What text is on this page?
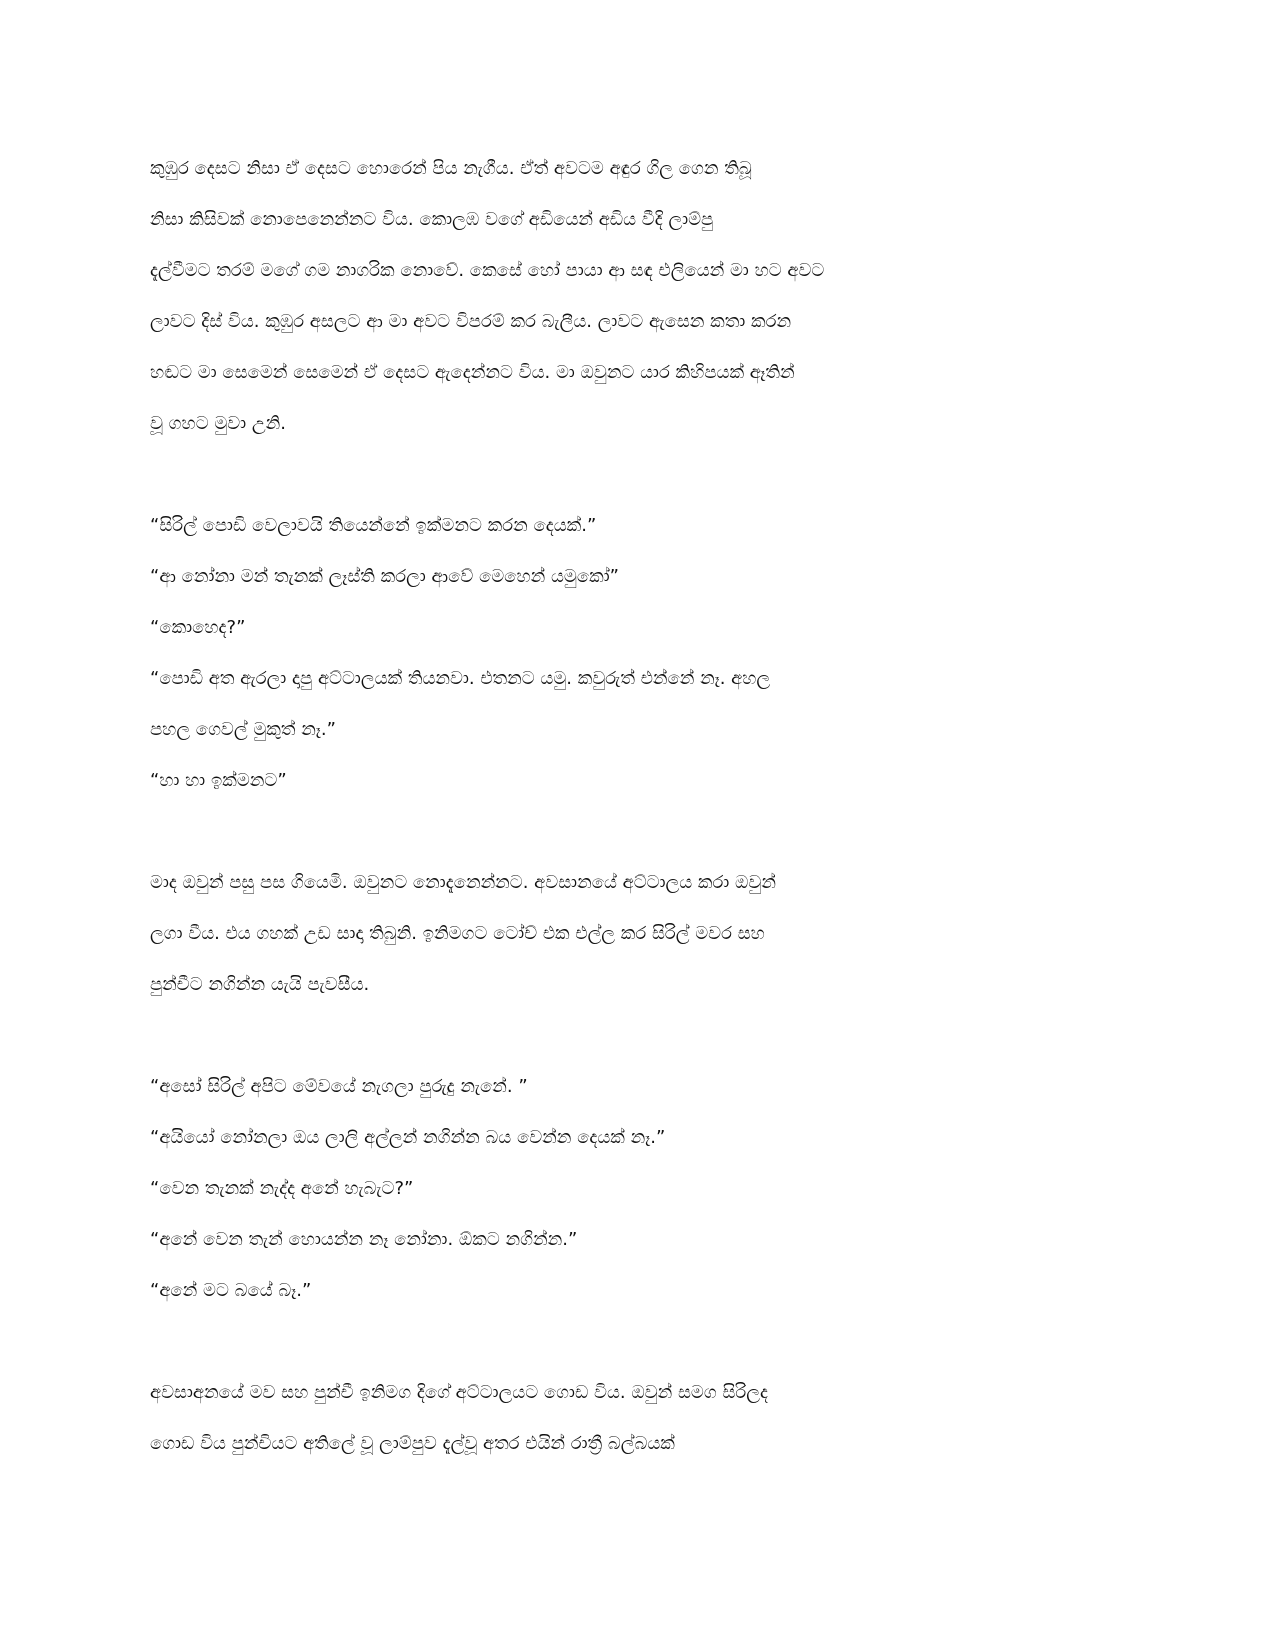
කුඹුර දෙසට නිසා ඒ දෙසට හොරෙන් පිය නැගීය. ඒත් අවටම අඳුර ගිල ගෙන තිබූ
නිසා කිසිවක් නොපෙනෙන්නට විය. කොලඹ වගේ අඩියෙන් අඩිය වීදි ලාම්පු
දැල්වීමට තරම් මගේ ගම නාගරික නොවේ. කෙසේ හෝ පායා ආ සඳ එලියෙන් මා හට අවට
ලාවට දිස් විය. කුඹුර අසලට ආ මා අවට විපරම් කර බැලීය. ලාවට ඇසෙන කතා කරන
හඬට මා සෙමෙන් සෙමෙන් ඒ දෙසට ඇදෙන්නට විය. මා ඔවුනට යාර කිහිපයක් ඈතින්
වූ ගහට මුවා උනි.
“සිරිල් පොඩි වෙලාවයි තියෙන්නේ ඉක්මනට කරන දෙයක්.”
“ආ නෝනා මන් තැනක් ලෑස්ති කරලා ආවේ මෙහෙන් යමුකෝ”
“කොහෙද?”
“පොඩි අත ඇරලා දාපු අට්ටාලයක් තියනවා. එතනට යමු. කවුරුත් එන්නේ නෑ. අහල
පහල ගෙවල් මුකුත් නෑ.”
“හා හා ඉක්මනට”
මාද ඔවුන් පසු පස ගියෙමි. ඔවුනට නොදැනෙන්නට. අවසානයේ අට්ටාලය කරා ඔවුන්
ලගා වීය. එය ගහක් උඩ සාදා තිබුනි. ඉනිමගට ටෝච් එක එල්ල කර සිරිල් මවර සහ
පුන්චීට නගින්න යැයි පැවසීය.
“අසෝ සිරිල් අපිට මේවයේ නැගලා පුරුදු නැනේ. ”
“අයියෝ නෝනලා ඔය ලාලි අල්ලන් නගින්න බය වෙන්න දෙයක් නෑ.”
“වෙන තැනක් නැද්ද අනේ හැබැට?”
“අනේ වෙන තැන් හොයන්න නෑ නෝනා. ඕකට නගින්න.”
“අනේ මට බයේ බෑ.”
අවසාඅනයේ මව සහ පුන්චී ඉනිමග දිගේ අට්ටාලයට ගොඩ විය. ඔවුන් සමග සිරිලද
ගොඩ විය පුන්චියට අතිලේ වූ ලාම්පුව දැල්වූ අතර එයින් රාත්‍රී බල්බයක්
